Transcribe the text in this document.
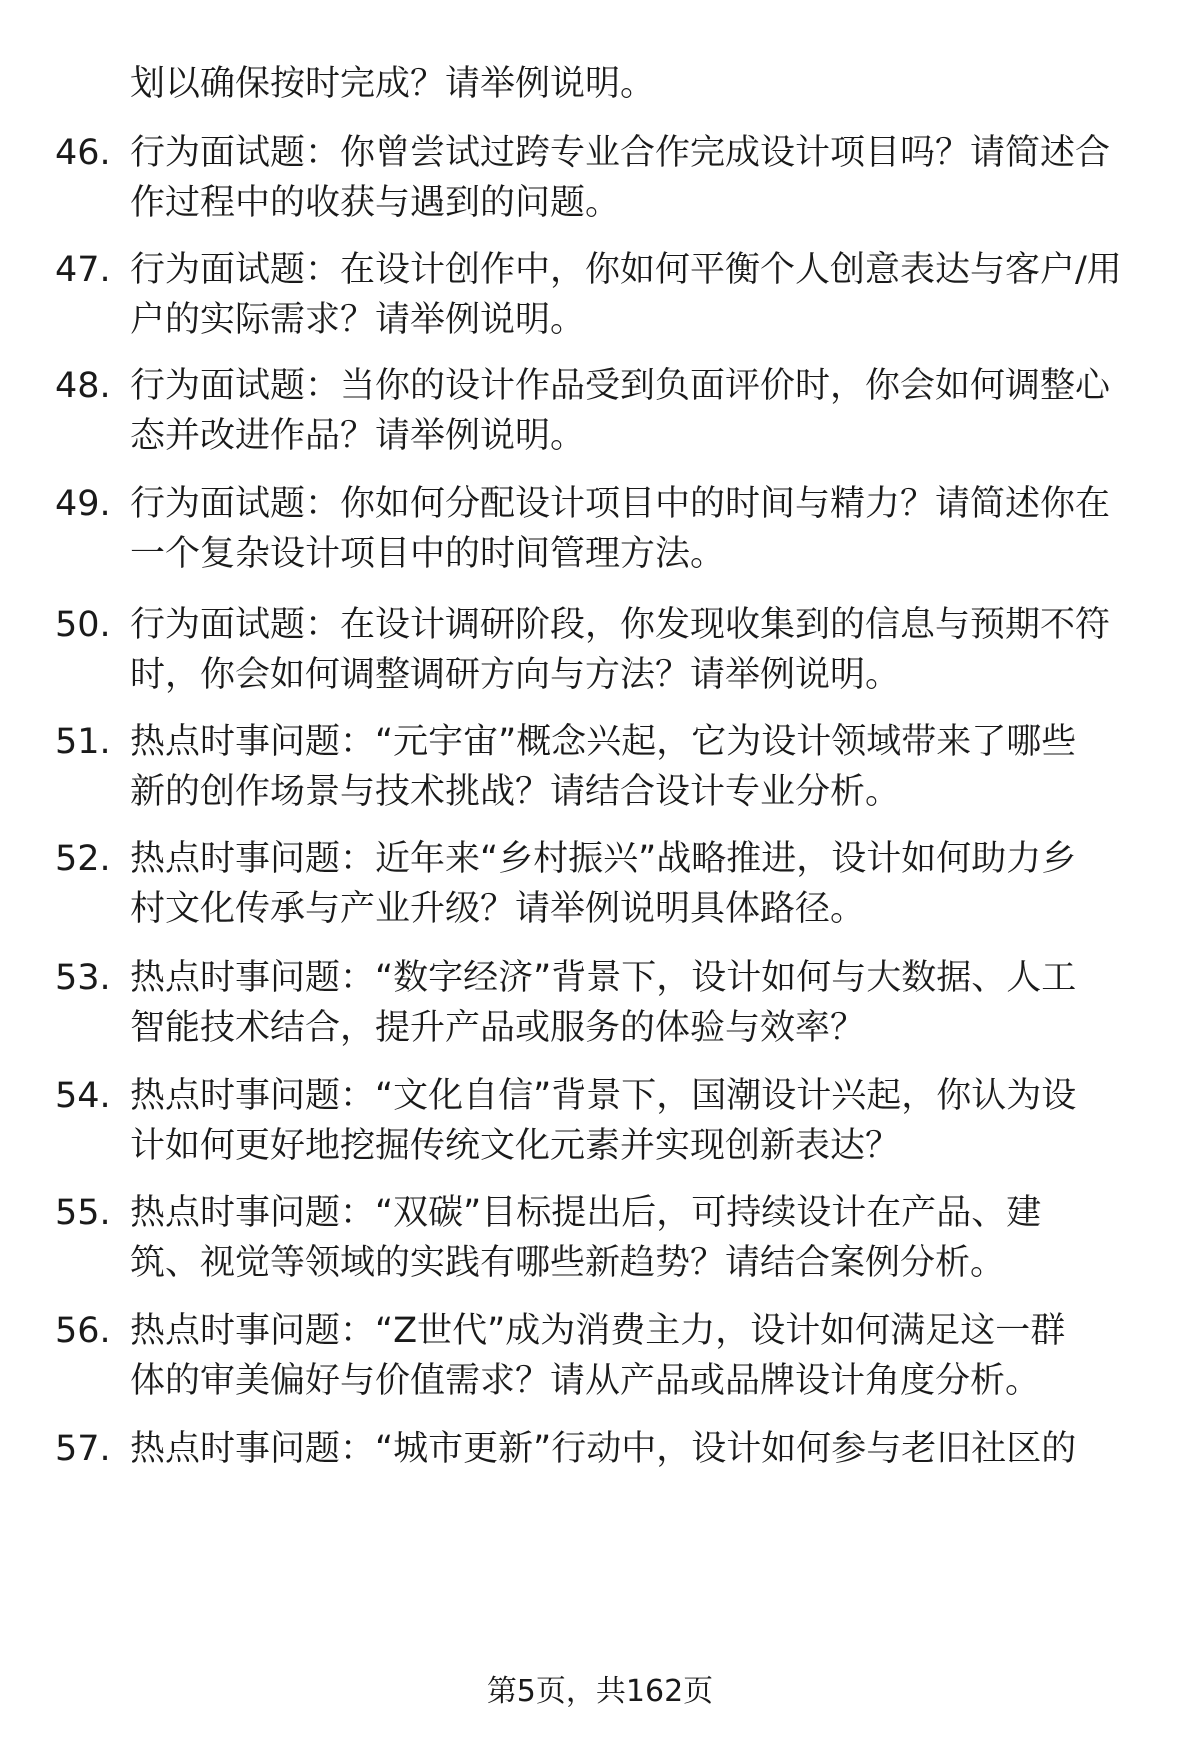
划以确保按时完成？请举例说明。
46. 行为面试题：你曾尝试过跨专业合作完成设计项目吗？请简述合
作过程中的收获与遇到的问题。
47. 行为面试题：在设计创作中，你如何平衡个人创意表达与客户/用
户的实际需求？请举例说明。
48. 行为面试题：当你的设计作品受到负面评价时，你会如何调整心
态并改进作品？请举例说明。
49. 行为面试题：你如何分配设计项目中的时间与精力？请简述你在
一个复杂设计项目中的时间管理方法。
50. 行为面试题：在设计调研阶段，你发现收集到的信息与预期不符
时，你会如何调整调研方向与方法？请举例说明。
51. 热点时事问题：“元宇宙”概念兴起，它为设计领域带来了哪些
新的创作场景与技术挑战？请结合设计专业分析。
52. 热点时事问题：近年来“乡村振兴”战略推进，设计如何助力乡
村文化传承与产业升级？请举例说明具体路径。
53. 热点时事问题：“数字经济”背景下，设计如何与大数据、人工
智能技术结合，提升产品或服务的体验与效率？
54. 热点时事问题：“文化自信”背景下，国潮设计兴起，你认为设
计如何更好地挖掘传统文化元素并实现创新表达？
55. 热点时事问题：“双碳”目标提出后，可持续设计在产品、建
筑、视觉等领域的实践有哪些新趋势？请结合案例分析。
56. 热点时事问题：“Z世代”成为消费主力，设计如何满足这一群
体的审美偏好与价值需求？请从产品或品牌设计角度分析。
57. 热点时事问题：“城市更新”行动中，设计如何参与老旧社区的
第5页，共162页
